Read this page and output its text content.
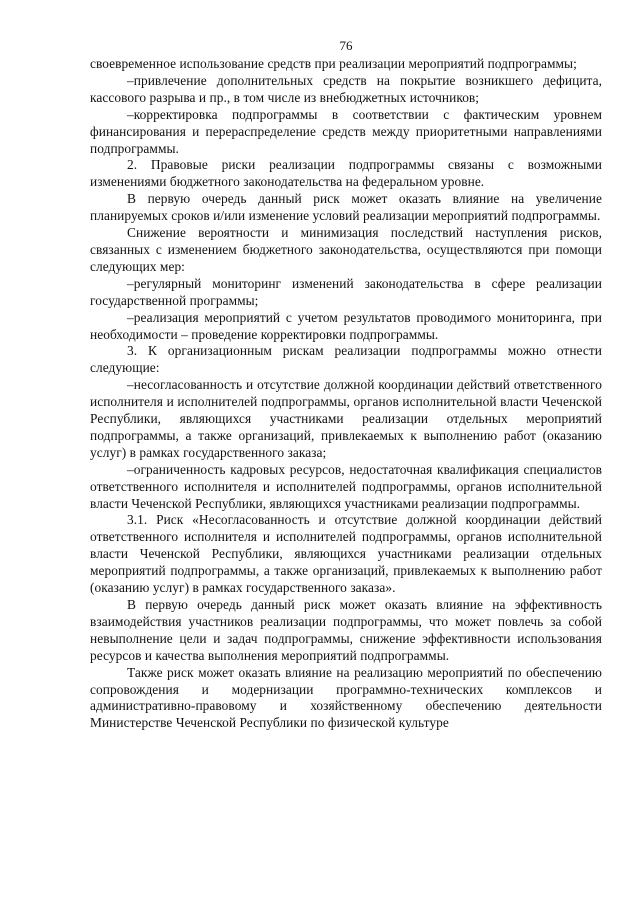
76

своевременное использование средств при реализации мероприятий подпрограммы;

–привлечение дополнительных средств на покрытие возникшего дефицита, кассового разрыва и пр., в том числе из внебюджетных источников;

–корректировка подпрограммы в соответствии с фактическим уровнем финансирования и перераспределение средств между приоритетными направлениями подпрограммы.

2. Правовые риски реализации подпрограммы связаны с возможными изменениями бюджетного законодательства на федеральном уровне.

В первую очередь данный риск может оказать влияние на увеличение планируемых сроков и/или изменение условий реализации мероприятий подпрограммы.

Снижение вероятности и минимизация последствий наступления рисков, связанных с изменением бюджетного законодательства, осуществляются при помощи следующих мер:

–регулярный мониторинг изменений законодательства в сфере реализации государственной программы;

–реализация мероприятий с учетом результатов проводимого мониторинга, при необходимости – проведение корректировки подпрограммы.

3. К организационным рискам реализации подпрограммы можно отнести следующие:

–несогласованность и отсутствие должной координации действий ответственного исполнителя и исполнителей подпрограммы, органов исполнительной власти Чеченской Республики, являющихся участниками реализации отдельных мероприятий подпрограммы, а также организаций, привлекаемых к выполнению работ (оказанию услуг) в рамках государственного заказа;

–ограниченность кадровых ресурсов, недостаточная квалификация специалистов ответственного исполнителя и исполнителей подпрограммы, органов исполнительной власти Чеченской Республики, являющихся участниками реализации подпрограммы.

3.1. Риск «Несогласованность и отсутствие должной координации действий ответственного исполнителя и исполнителей подпрограммы, органов исполнительной власти Чеченской Республики, являющихся участниками реализации отдельных мероприятий подпрограммы, а также организаций, привлекаемых к выполнению работ (оказанию услуг) в рамках государственного заказа».

В первую очередь данный риск может оказать влияние на эффективность взаимодействия участников реализации подпрограммы, что может повлечь за собой невыполнение цели и задач подпрограммы, снижение эффективности использования ресурсов и качества выполнения мероприятий подпрограммы.

Также риск может оказать влияние на реализацию мероприятий по обеспечению сопровождения и модернизации программно-технических комплексов и административно-правовому и хозяйственному обеспечению деятельности Министерстве Чеченской Республики по физической культуре
